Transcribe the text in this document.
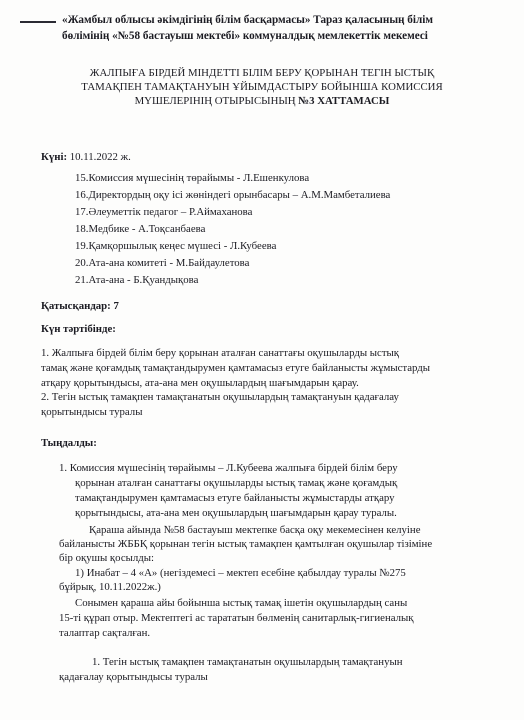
«Жамбыл облысы әкімдігінің білім басқармасы» Тараз қаласының білім
бөлімінің «№58 бастауыш мектебі» коммуналдық мемлекеттік мекемесі

ЖАЛПЫҒА БІРДЕЙ МІНДЕТТІ БІЛІМ БЕРУ ҚОРЫНАН ТЕГІН ЫСТЫҚ

ТАМАҚПЕН ТАМАҚТАНУЫН ҰЙЫМДАСТЫРУ БОЙЫНША КОМИССИЯ

МҮШЕЛЕРІНІҢ ОТЫРЫСЫНЫҢ №3 ХАТТАМАСЫ

Күні: 10.11.2022 ж.

15.Комиссия мүшесінің төрайымы - Л.Ешенкулова

16.Директордың оқу ісі жөніндегі орынбасары – А.М.Мамбеталиева

17.Әлеуметтік педагог – Р.Аймаханова

18.Медбике - А.Тоқсанбаева

19.Қамқоршылық кеңес мүшесі - Л.Кубеева

20.Ата-ана комитеті - М.Байдаулетова

21.Ата-ана - Б.Қуандықова

Қатысқандар: 7

Күн тәртібінде:

1. Жалпыға бірдей білім беру қорынан аталған санаттағы оқушыларды ыстық

тамақ және қоғамдық тамақтандырумен қамтамасыз етуге байланысты жұмыстарды

атқару қорытындысы, ата-ана мен оқушылардың шағымдарын қарау.

2. Тегін ыстық тамақпен тамақтанатын оқушылардың тамақтануын қадағалау

қорытындысы туралы

Тыңдалды:

1. Комиссия мүшесінің төрайымы – Л.Кубеева жалпыға бірдей білім беру

қорынан аталған санаттағы оқушыларды ыстық тамақ және қоғамдық

тамақтандырумен қамтамасыз етуге байланысты жұмыстарды атқару

қорытындысы, ата-ана мен оқушылардың шағымдарын қарау туралы.

Қараша айында №58 бастауыш мектепке басқа оқу мекемесінен келуіне

байланысты ЖББҚ қорынан тегін ыстық тамақпен қамтылған оқушылар тізіміне

бір оқушы қосылды:

1) Инабат – 4 «А» (негіздемесі – мектеп есебіне қабылдау туралы №275

бұйрық, 10.11.2022ж.)

Сонымен қараша айы бойынша ыстық тамақ ішетін оқушылардың саны

15-ті құрап отыр. Мектептегі ас тарататын бөлменің санитарлық-гигиеналық

талаптар сақталған.

1. Тегін ыстық тамақпен тамақтанатын оқушылардың тамақтануын

қадағалау қорытындысы туралы
